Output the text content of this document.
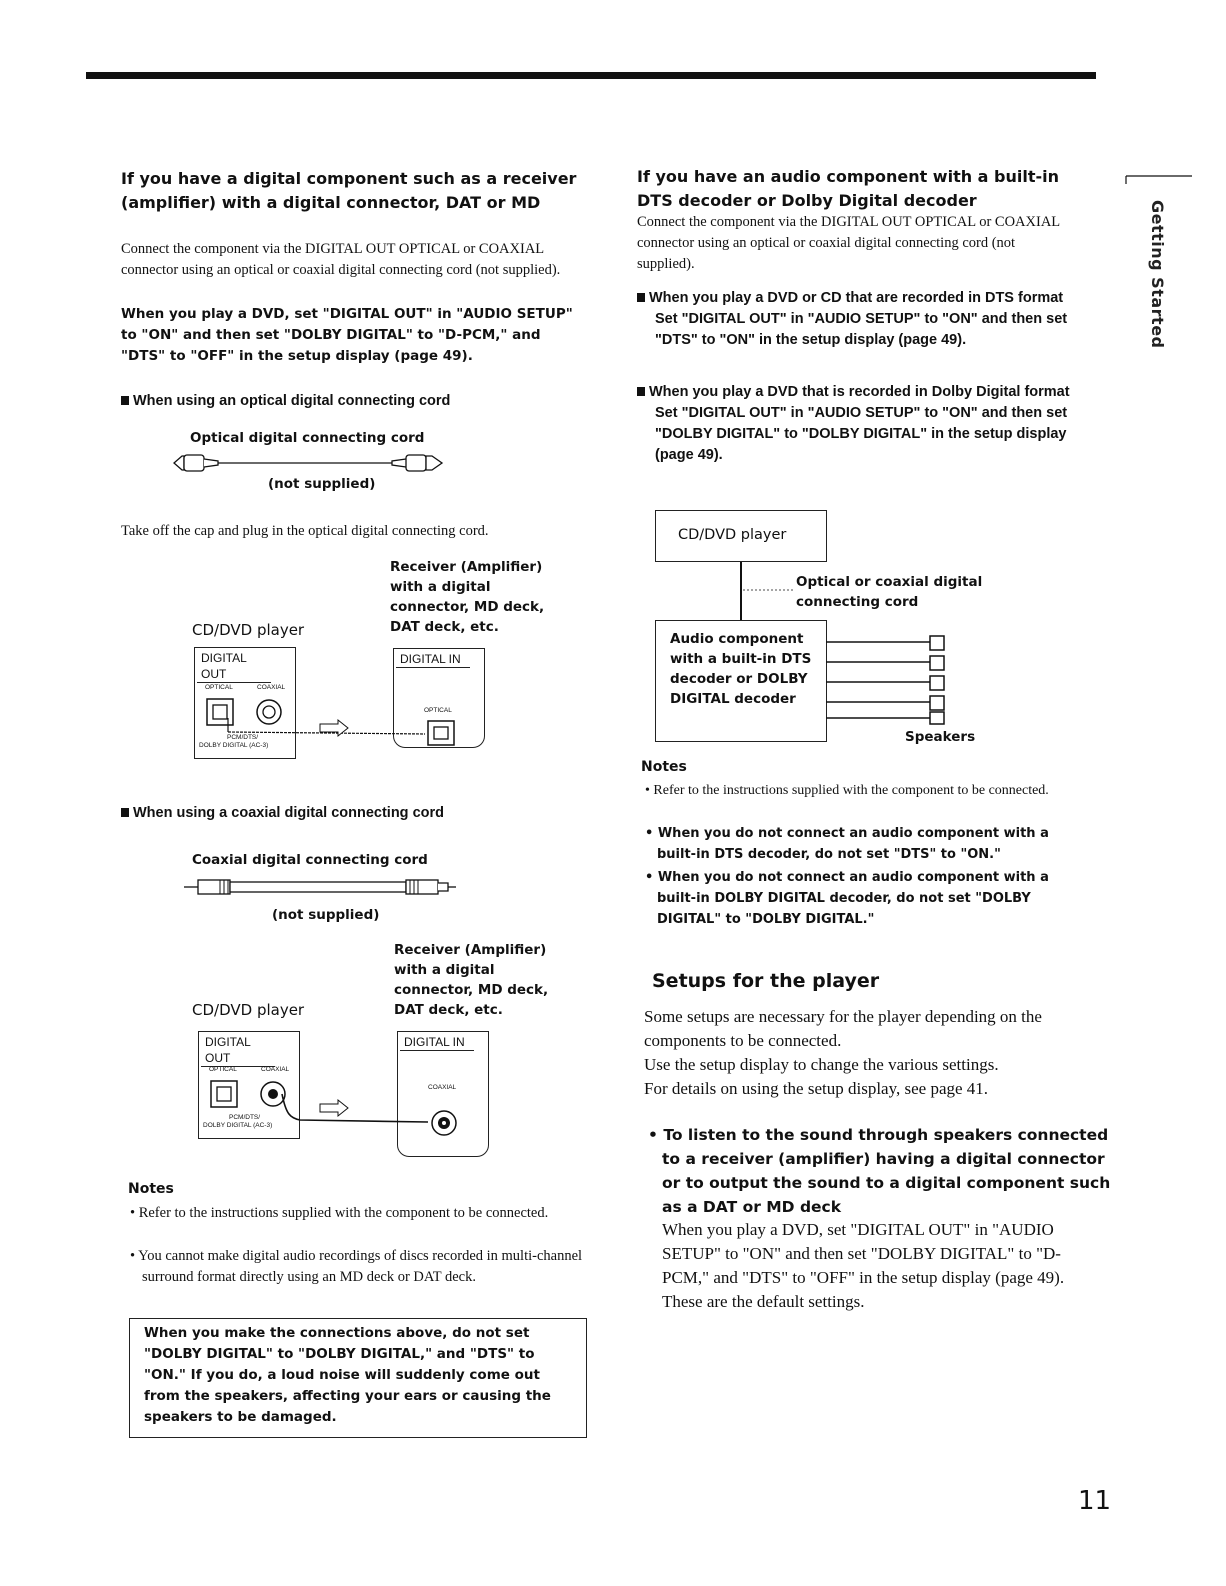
If you have a digital component such as a receiver (amplifier) with a digital connector, DAT or MD
Connect the component via the DIGITAL OUT OPTICAL or COAXIAL connector using an optical or coaxial digital connecting cord (not supplied).
When you play a DVD, set "DIGITAL OUT" in "AUDIO SETUP" to "ON" and then set "DOLBY DIGITAL" to "D-PCM," and "DTS" to "OFF" in the setup display (page 49).
When using an optical digital connecting cord
Optical digital connecting cord
(not supplied)
Take off the cap and plug in the optical digital connecting cord.
Receiver (Amplifier) with a digital connector, MD deck, DAT deck, etc.
CD/DVD player
DIGITAL OUT
OPTICAL	COAXIAL
PCM/DTS/
DOLBY DIGITAL (AC-3)
DIGITAL IN
OPTICAL
When using a coaxial digital connecting cord
Coaxial digital connecting cord
(not supplied)
Receiver (Amplifier) with a digital connector, MD deck, DAT deck, etc.
CD/DVD player
DIGITAL OUT
OPTICAL	COAXIAL
PCM/DTS/
DOLBY DIGITAL (AC-3)
DIGITAL IN
COAXIAL
Notes
• Refer to the instructions supplied with the component to be connected.
• You cannot make digital audio recordings of discs recorded in multi-channel surround format directly using an MD deck or DAT deck.
When you make the connections above, do not set "DOLBY DIGITAL" to "DOLBY DIGITAL," and "DTS" to "ON." If you do, a loud noise will suddenly come out from the speakers, affecting your ears or causing the speakers to be damaged.
If you have an audio component with a built-in DTS decoder or Dolby Digital decoder
Connect the component via the DIGITAL OUT OPTICAL or COAXIAL connector using an optical or coaxial digital connecting cord (not supplied).
When you play a DVD or CD that are recorded in DTS format
Set "DIGITAL OUT" in "AUDIO SETUP" to "ON" and then set "DTS" to "ON" in the setup display (page 49).
When you play a DVD that is recorded in Dolby Digital format
Set "DIGITAL OUT" in "AUDIO SETUP" to "ON" and then set "DOLBY DIGITAL" to "DOLBY DIGITAL" in the setup display (page 49).
CD/DVD player
Optical or coaxial digital connecting cord
Audio component with a built-in DTS decoder or DOLBY DIGITAL decoder
Speakers
Notes
• Refer to the instructions supplied with the component to be connected.
• When you do not connect an audio component with a built-in DTS decoder, do not set "DTS" to "ON."
• When you do not connect an audio component with a built-in DOLBY DIGITAL decoder, do not set "DOLBY DIGITAL" to "DOLBY DIGITAL."
Setups for the player
Some setups are necessary for the player depending on the components to be connected.
Use the setup display to change the various settings.
For details on using the setup display, see page 41.
• To listen to the sound through speakers connected to a receiver (amplifier) having a digital connector or to output the sound to a digital component such as a DAT or MD deck
When you play a DVD, set "DIGITAL OUT" in "AUDIO SETUP" to "ON" and then set "DOLBY DIGITAL" to "D-PCM," and "DTS" to "OFF" in the setup display (page 49). These are the default settings.
Getting Started
11
